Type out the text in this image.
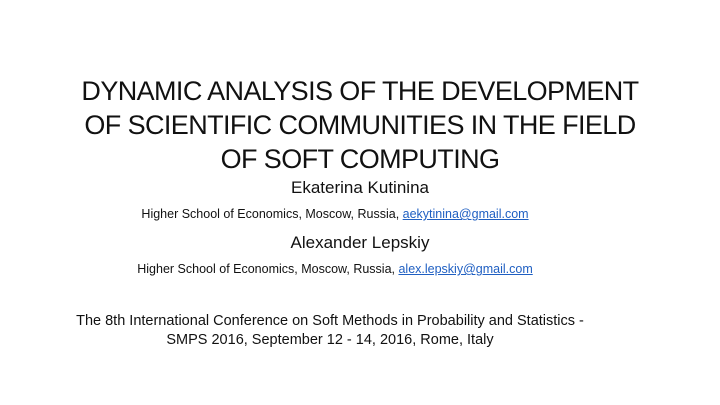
DYNAMIC ANALYSIS OF THE DEVELOPMENT
OF SCIENTIFIC COMMUNITIES IN THE FIELD
OF SOFT COMPUTING
Ekaterina Kutinina
Higher School of Economics, Moscow, Russia, aekytinina@gmail.com
Alexander Lepskiy
Higher School of Economics, Moscow, Russia, alex.lepskiy@gmail.com
The 8th International Conference on Soft Methods in Probability and Statistics -
SMPS 2016, September 12 - 14, 2016, Rome, Italy
